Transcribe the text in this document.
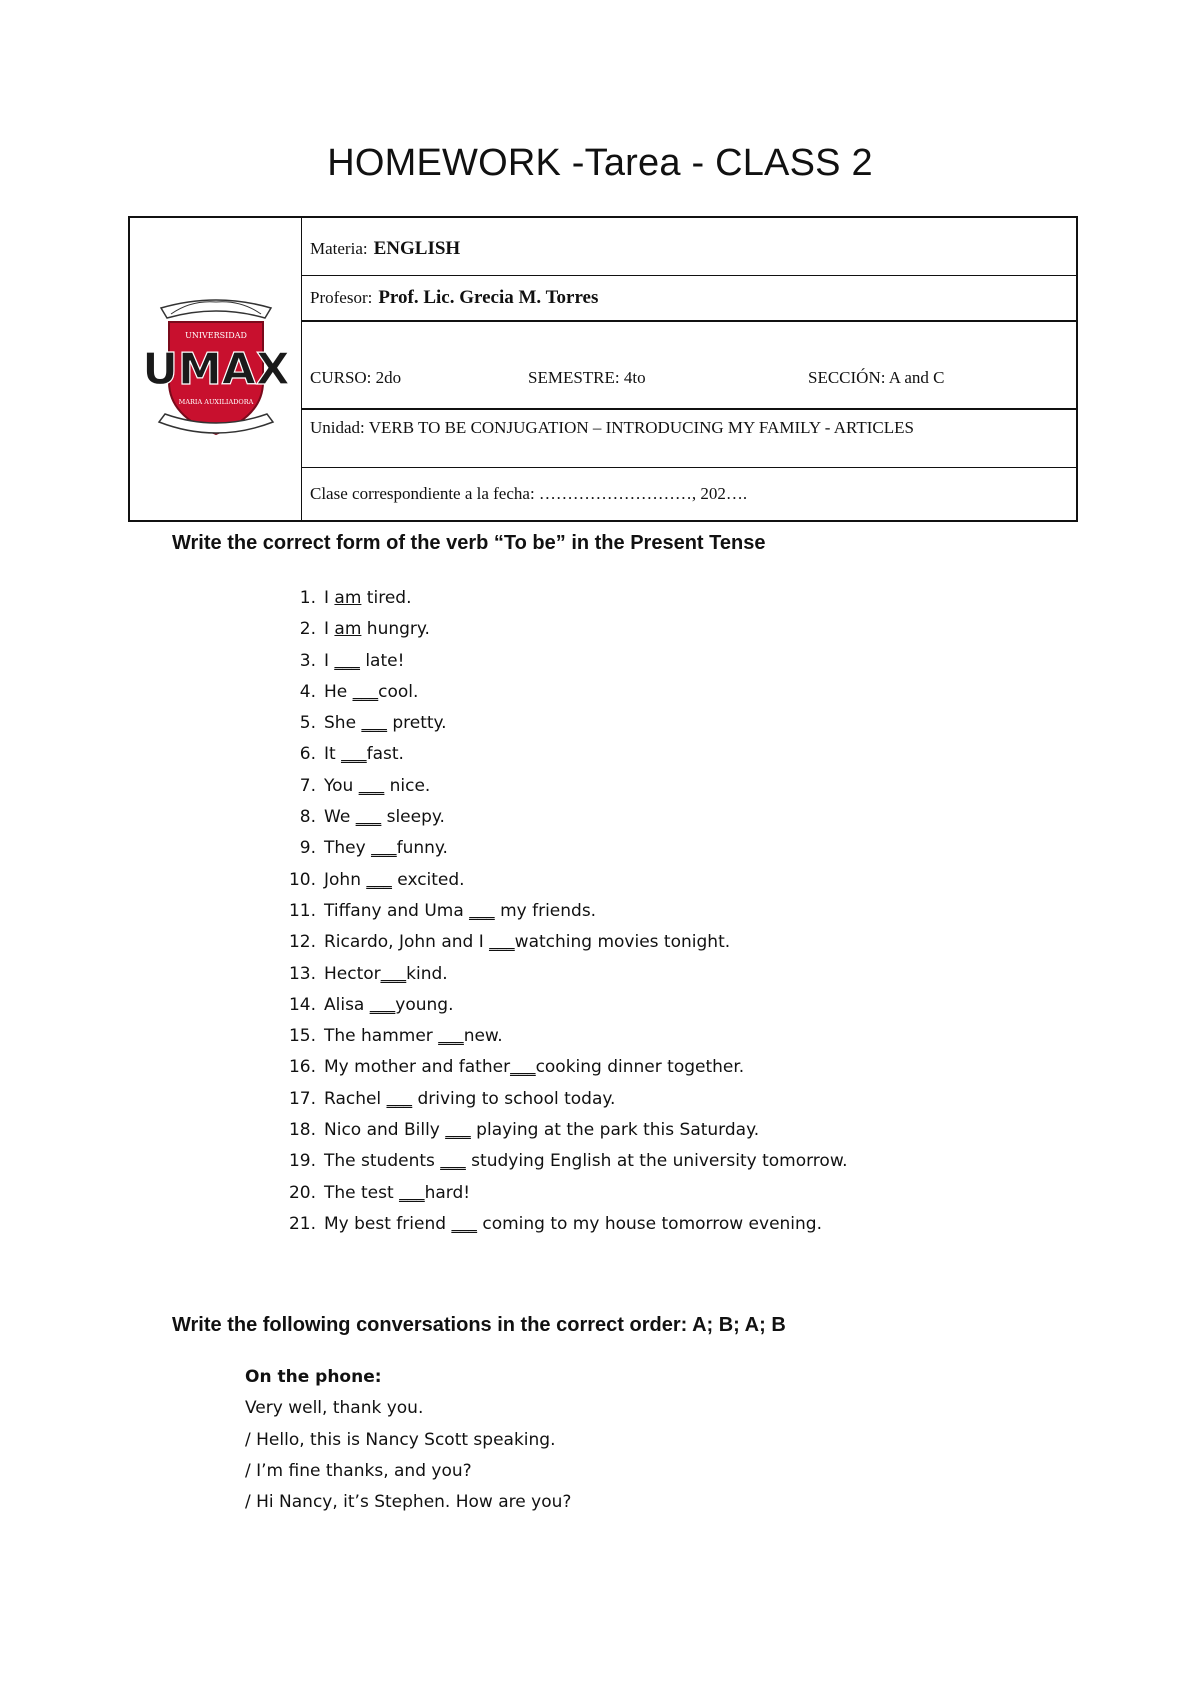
HOMEWORK -Tarea - CLASS 2
UNIVERSIDAD
UMAX
MARIA AUXILIADORA
Materia: ENGLISH
Profesor: Prof. Lic. Grecia M. Torres
CURSO: 2do	SEMESTRE: 4to	SECCIÓN: A and C
Unidad: VERB TO BE CONJUGATION – INTRODUCING MY FAMILY - ARTICLES
Clase correspondiente a la fecha: ………………………, 202….
Write the correct form of the verb “To be” in the Present Tense
1. I am tired.
2. I am hungry.
3. I ___ late!
4. He ___ cool.
5. She ___ pretty.
6. It ___ fast.
7. You ___ nice.
8. We ___ sleepy.
9. They ___ funny.
10. John ___ excited.
11. Tiffany and Uma ___ my friends.
12. Ricardo, John and I ___ watching movies tonight.
13. Hector ___ kind.
14. Alisa ___ young.
15. The hammer ___ new.
16. My mother and father ___ cooking dinner together.
17. Rachel ___ driving to school today.
18. Nico and Billy ___ playing at the park this Saturday.
19. The students ___ studying English at the university tomorrow.
20. The test ___ hard!
21. My best friend ___ coming to my house tomorrow evening.
Write the following conversations in the correct order: A; B; A; B
On the phone:
Very well, thank you.
/ Hello, this is Nancy Scott speaking.
/ I’m fine thanks, and you?
/ Hi Nancy, it’s Stephen. How are you?
